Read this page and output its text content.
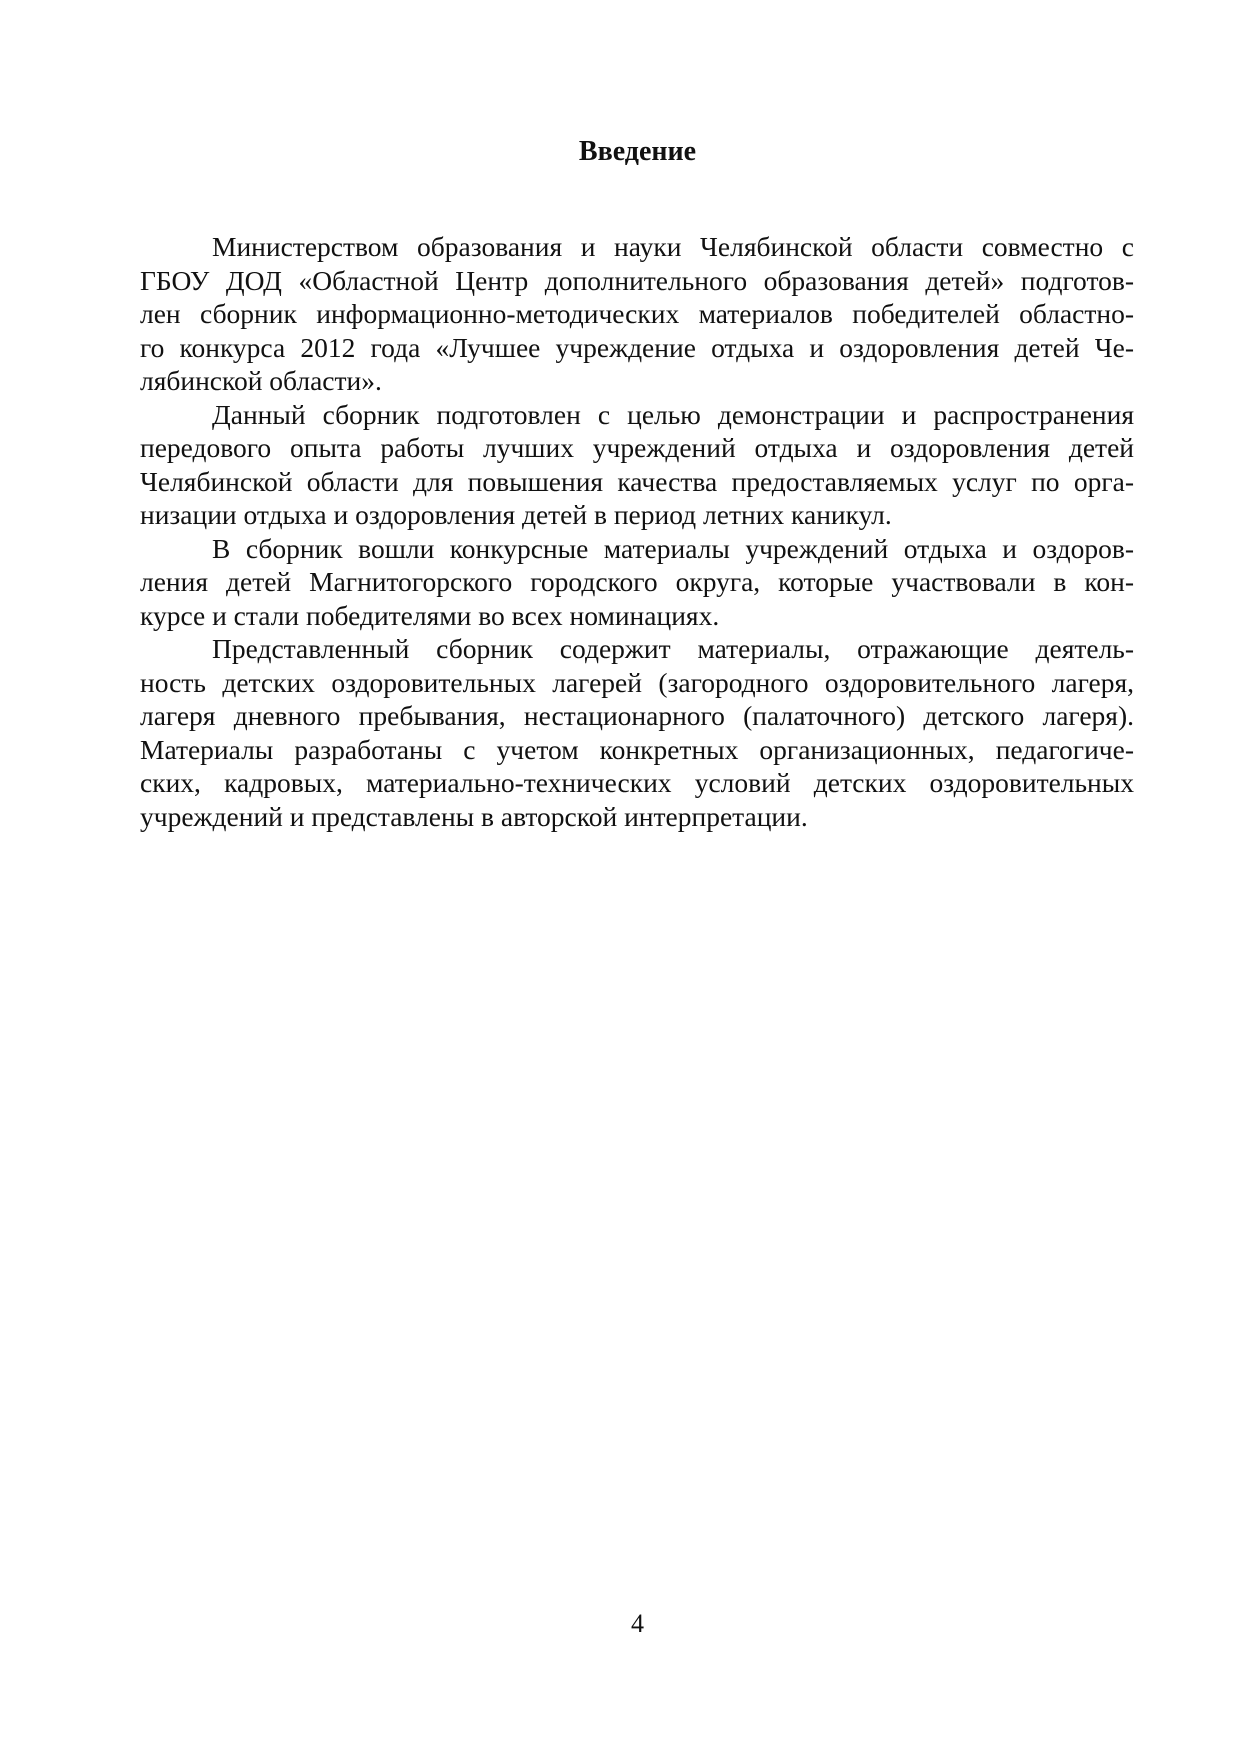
Введение
Министерством образования и науки Челябинской области совместно с
ГБОУ ДОД «Областной Центр дополнительного образования детей» подготов-
лен сборник информационно-методических материалов победителей областно-
го конкурса 2012 года «Лучшее учреждение отдыха и оздоровления детей Че-
лябинской области».
Данный сборник подготовлен с целью демонстрации и распространения
передового опыта работы лучших учреждений отдыха и оздоровления детей
Челябинской области для повышения качества предоставляемых услуг по орга-
низации отдыха и оздоровления детей в период летних каникул.
В сборник вошли конкурсные материалы учреждений отдыха и оздоров-
ления детей Магнитогорского городского округа, которые участвовали в кон-
курсе и стали победителями во всех номинациях.
Представленный сборник содержит материалы, отражающие деятель-
ность детских оздоровительных лагерей (загородного оздоровительного лагеря,
лагеря дневного пребывания, нестационарного (палаточного) детского лагеря).
Материалы разработаны с учетом конкретных организационных, педагогиче-
ских, кадровых, материально-технических условий детских оздоровительных
учреждений и представлены в авторской интерпретации.
4
